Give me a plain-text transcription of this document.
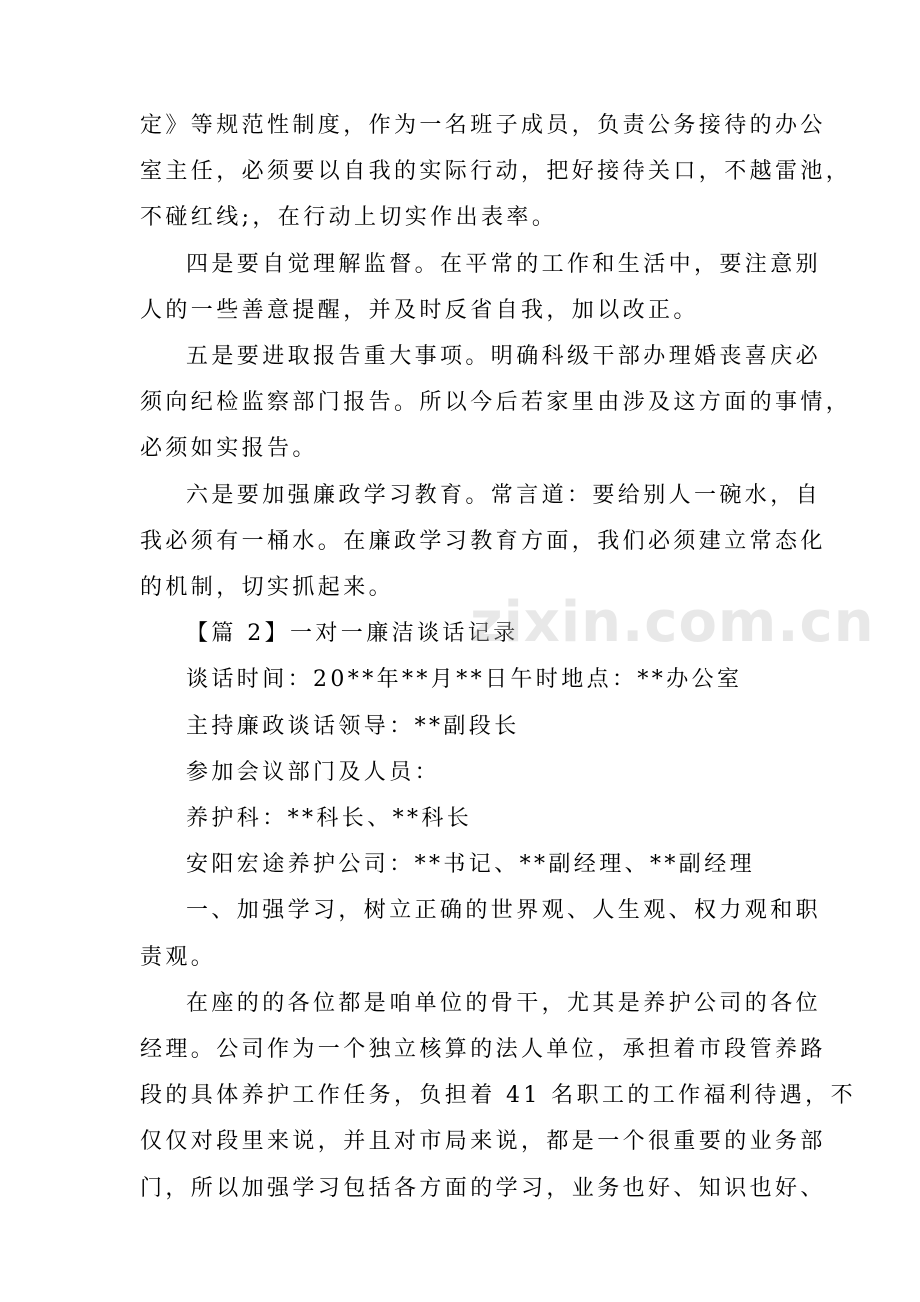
定》等规范性制度，作为一名班子成员，负责公务接待的办公
室主任，必须要以自我的实际行动，把好接待关口，不越雷池，
不碰红线;，在行动上切实作出表率。

四是要自觉理解监督。在平常的工作和生活中，要注意别
人的一些善意提醒，并及时反省自我，加以改正。

五是要进取报告重大事项。明确科级干部办理婚丧喜庆必
须向纪检监察部门报告。所以今后若家里由涉及这方面的事情，
必须如实报告。

六是要加强廉政学习教育。常言道：要给别人一碗水，自
我必须有一桶水。在廉政学习教育方面，我们必须建立常态化
的机制，切实抓起来。

【篇 2】一对一廉洁谈话记录

谈话时间：20**年**月**日午时地点：**办公室

主持廉政谈话领导：**副段长

参加会议部门及人员：

养护科：**科长、**科长

安阳宏途养护公司：**书记、**副经理、**副经理

一、加强学习，树立正确的世界观、人生观、权力观和职
责观。

在座的的各位都是咱单位的骨干，尤其是养护公司的各位
经理。公司作为一个独立核算的法人单位，承担着市段管养路
段的具体养护工作任务，负担着 41 名职工的工作福利待遇，不
仅仅对段里来说，并且对市局来说，都是一个很重要的业务部
门，所以加强学习包括各方面的学习，业务也好、知识也好、

zixin.com.cn
